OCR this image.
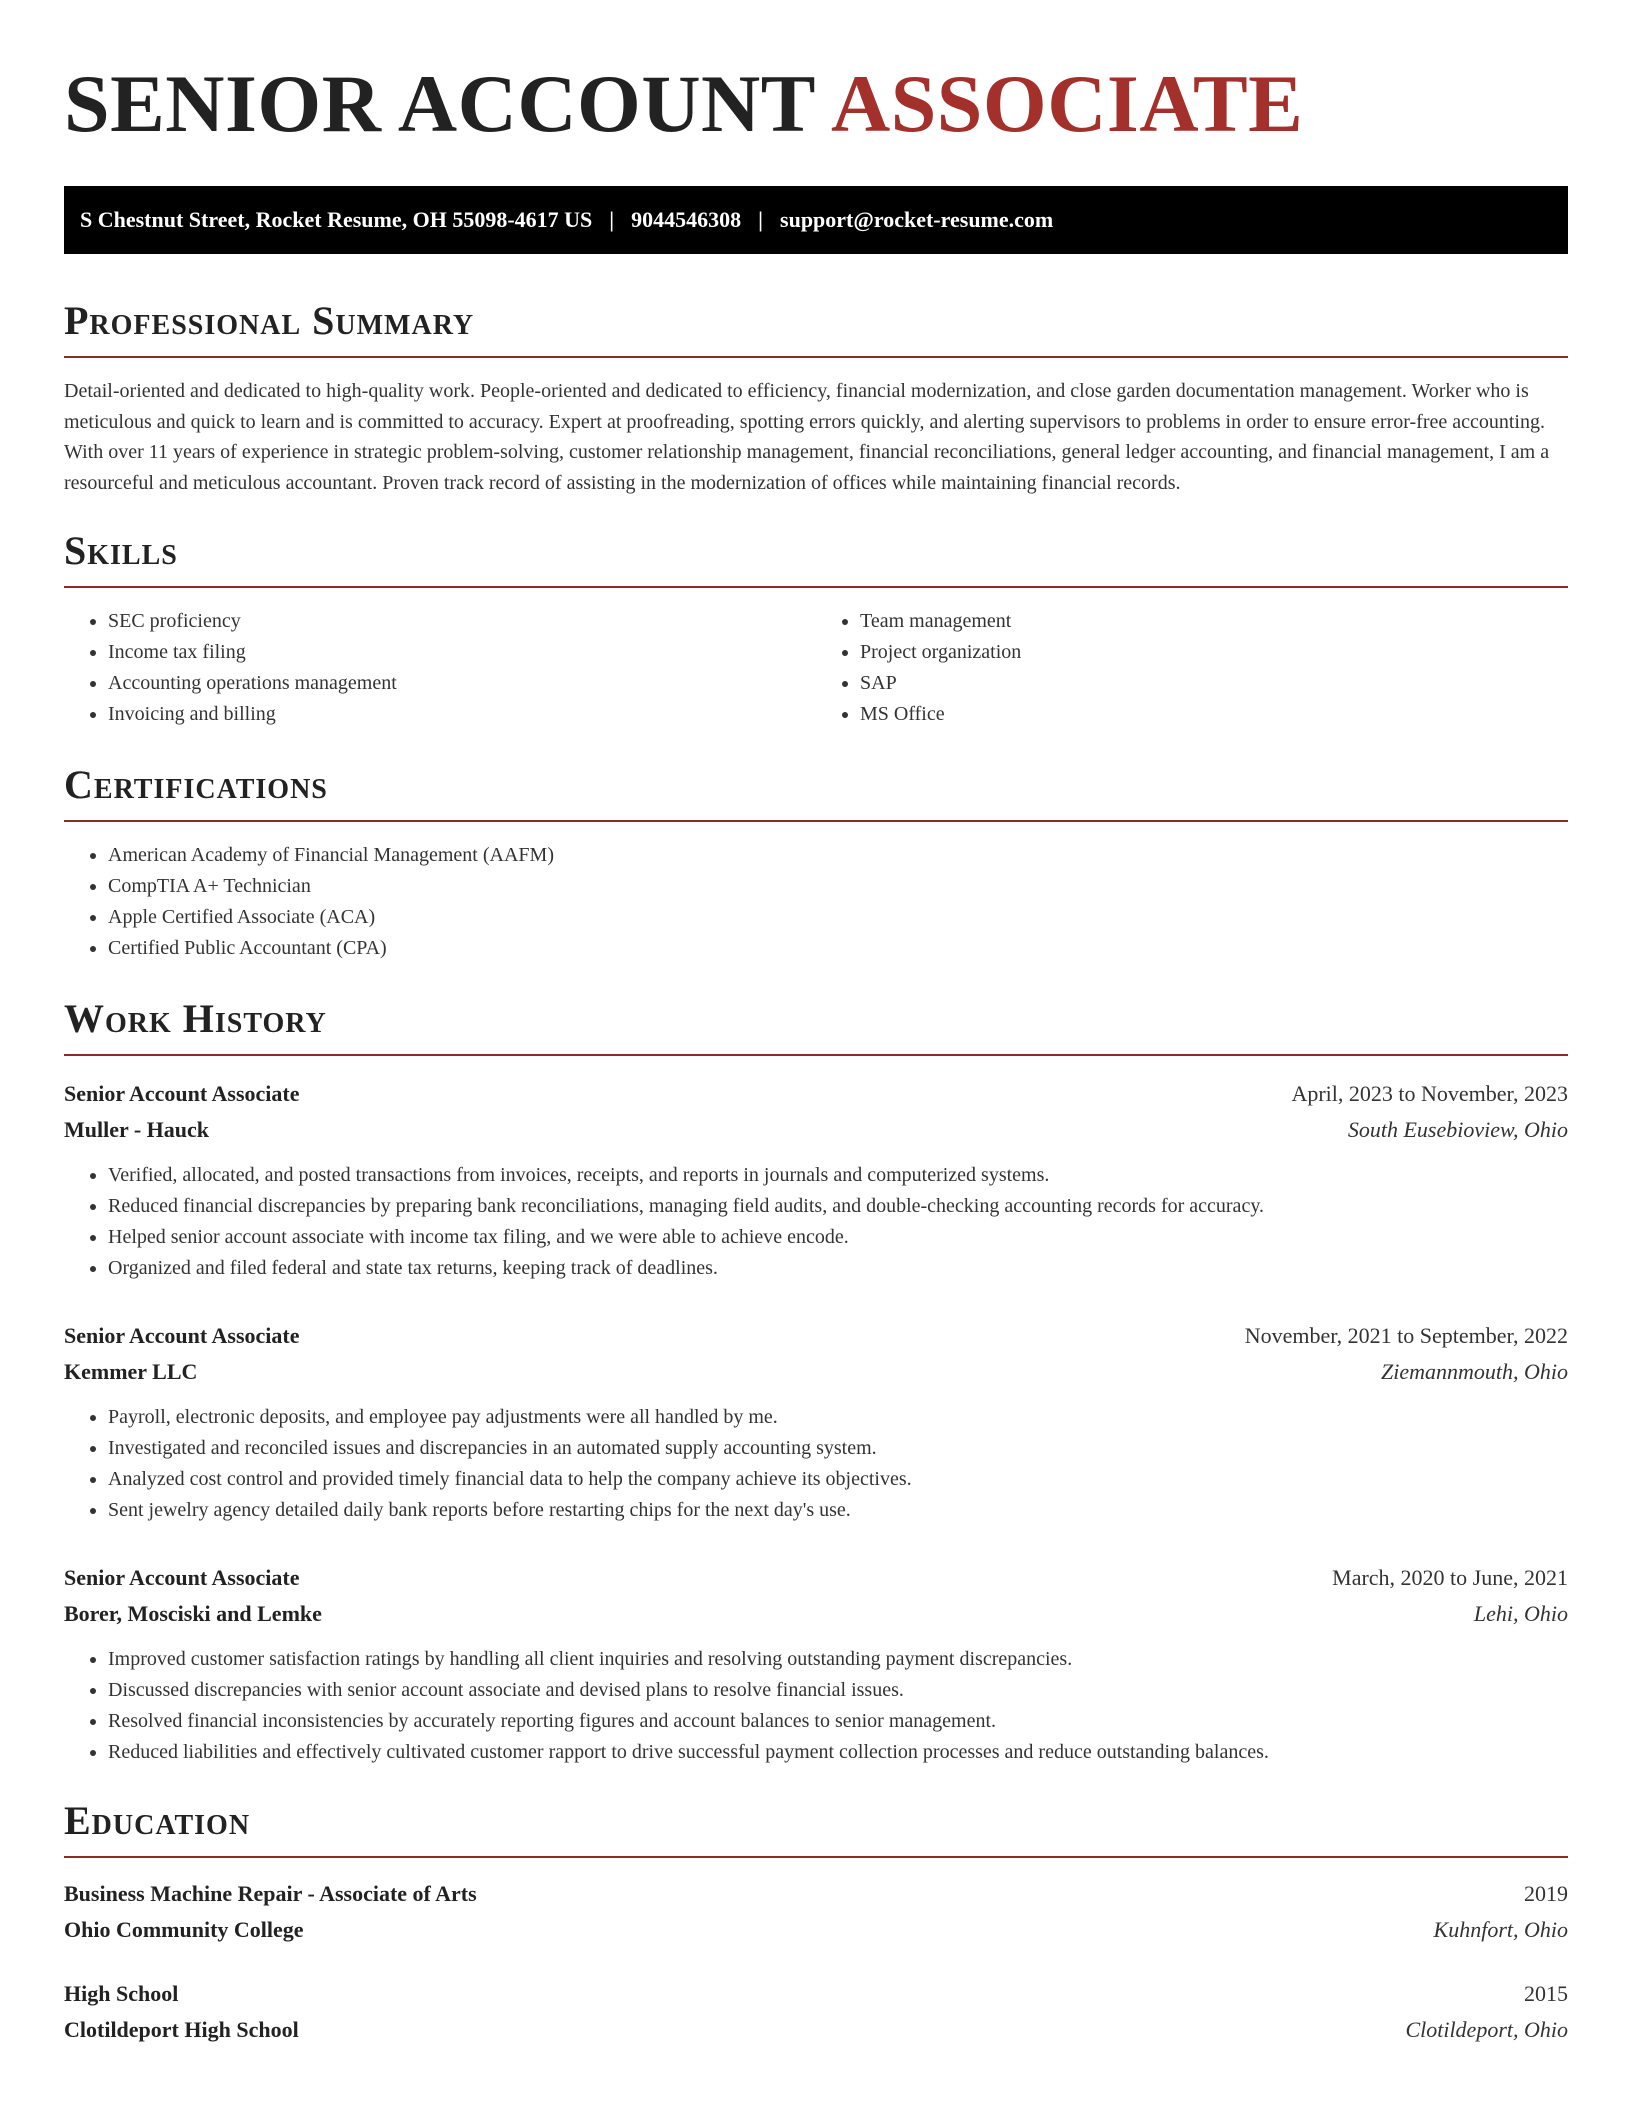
SENIOR ACCOUNT ASSOCIATE
S Chestnut Street, Rocket Resume, OH 55098-4617 US | 9044546308 | support@rocket-resume.com
Professional Summary

Detail-oriented and dedicated to high-quality work. People-oriented and dedicated to efficiency, financial modernization, and close garden documentation management. Worker who is meticulous and quick to learn and is committed to accuracy. Expert at proofreading, spotting errors quickly, and alerting supervisors to problems in order to ensure error-free accounting. With over 11 years of experience in strategic problem-solving, customer relationship management, financial reconciliations, general ledger accounting, and financial management, I am a resourceful and meticulous accountant. Proven track record of assisting in the modernization of offices while maintaining financial records.

Skills
• SEC proficiency
• Income tax filing
• Accounting operations management
• Invoicing and billing
• Team management
• Project organization
• SAP
• MS Office
Certifications
• American Academy of Financial Management (AAFM)
• CompTIA A+ Technician
• Apple Certified Associate (ACA)
• Certified Public Accountant (CPA)
Work History
Senior Account Associate	April, 2023 to November, 2023
Muller - Hauck	South Eusebioview, Ohio
• Verified, allocated, and posted transactions from invoices, receipts, and reports in journals and computerized systems.
• Reduced financial discrepancies by preparing bank reconciliations, managing field audits, and double-checking accounting records for accuracy.
• Helped senior account associate with income tax filing, and we were able to achieve encode.
• Organized and filed federal and state tax returns, keeping track of deadlines.
Senior Account Associate	November, 2021 to September, 2022
Kemmer LLC	Ziemannmouth, Ohio
• Payroll, electronic deposits, and employee pay adjustments were all handled by me.
• Investigated and reconciled issues and discrepancies in an automated supply accounting system.
• Analyzed cost control and provided timely financial data to help the company achieve its objectives.
• Sent jewelry agency detailed daily bank reports before restarting chips for the next day's use.
Senior Account Associate	March, 2020 to June, 2021
Borer, Mosciski and Lemke	Lehi, Ohio
• Improved customer satisfaction ratings by handling all client inquiries and resolving outstanding payment discrepancies.
• Discussed discrepancies with senior account associate and devised plans to resolve financial issues.
• Resolved financial inconsistencies by accurately reporting figures and account balances to senior management.
• Reduced liabilities and effectively cultivated customer rapport to drive successful payment collection processes and reduce outstanding balances.
Education
Business Machine Repair - Associate of Arts	2019
Ohio Community College	Kuhnfort, Ohio
High School	2015
Clotildeport High School	Clotildeport, Ohio
